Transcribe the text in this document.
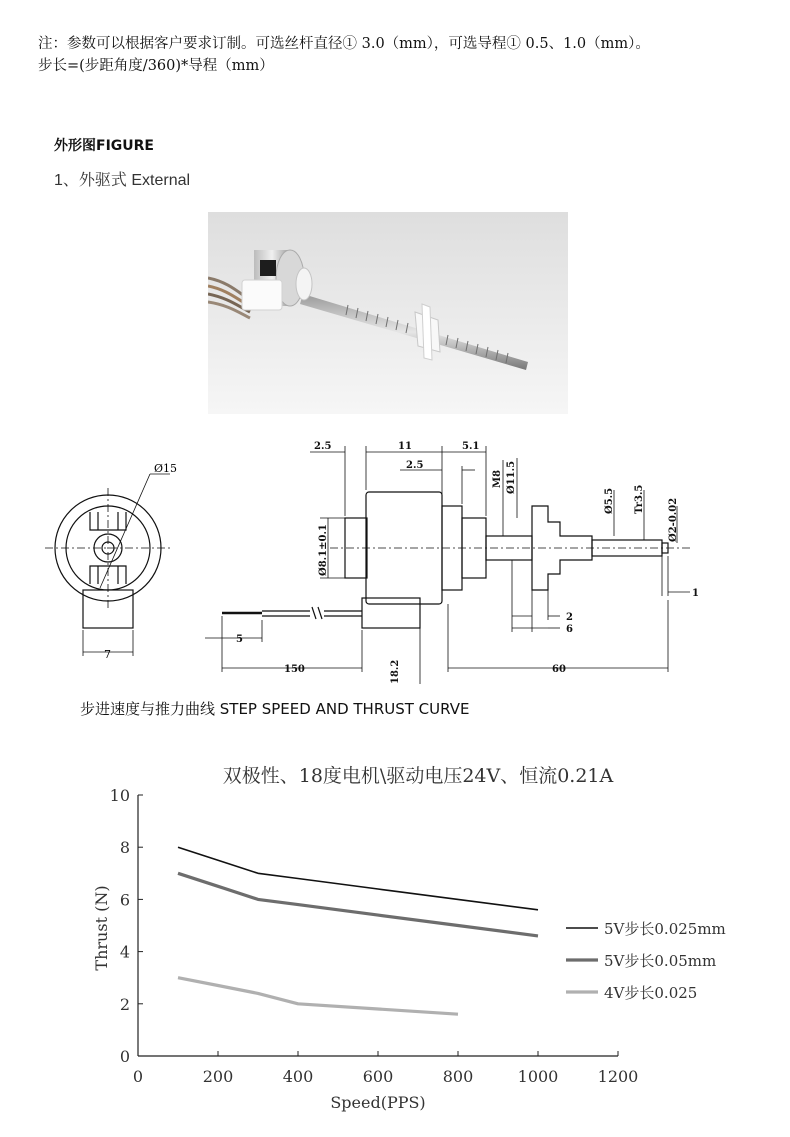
注：参数可以根据客户要求订制。可选丝杆直径① 3.0（mm），可选导程① 0.5、1.0（mm）。
步长=(步距角度/360)*导程（mm）
外形图FIGURE
1、外驱式 External
Ø15
7
2.5	11	5.1
2.5
M8 Ø11.5
Ø5.5 Tr3.5 Ø2-0.02
Ø8.1±0.1
2
6
1
5
150	18.2	60
步进速度与推力曲线 STEP SPEED AND THRUST CURVE
双极性、18度电机\驱动电压24V、恒流0.21A
0	200	400	600	800	1000 1200
0
2
4
6
8
10
5V步长0.025mm
5V步长0.05mm
4V步长0.025
Speed(PPS)
Thrust (N)
